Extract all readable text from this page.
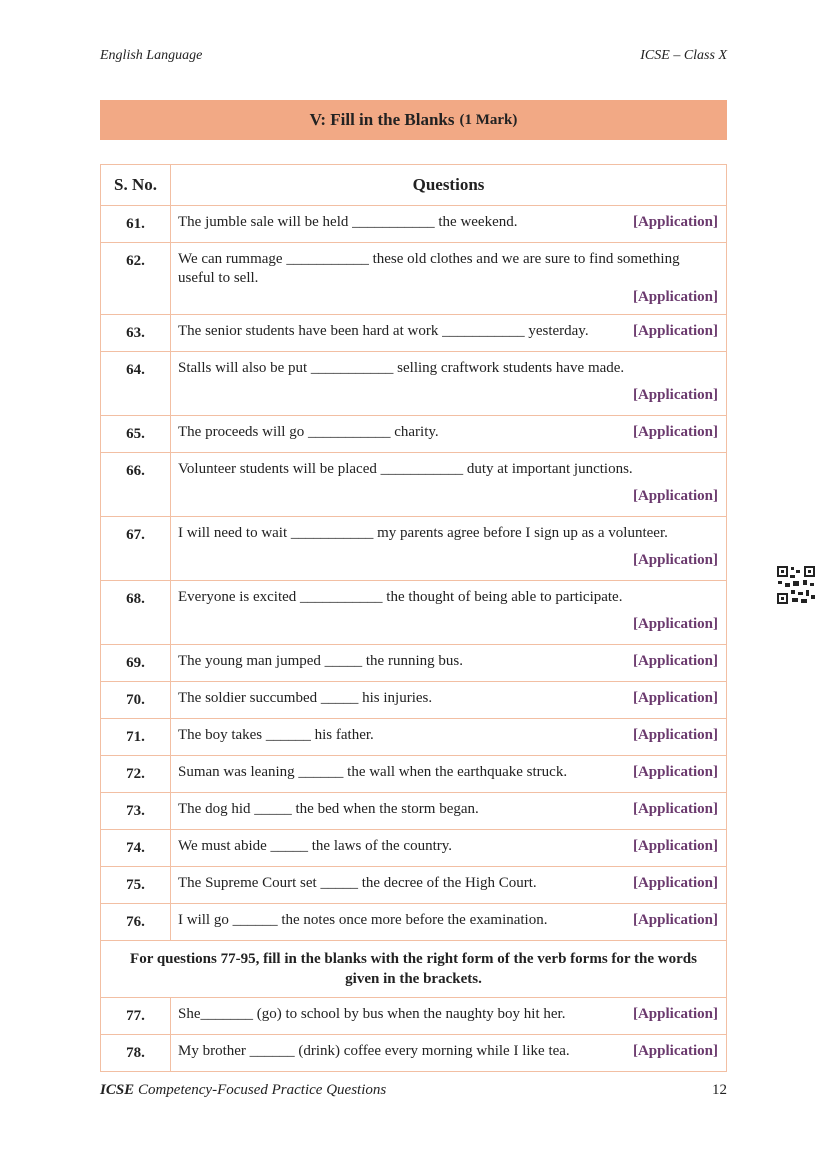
English Language	ICSE – Class X
V: Fill in the Blanks (1 Mark)
S. No.	Questions
61.	The jumble sale will be held ___________ the weekend. [Application]

62.	We can rummage ___________ these old clothes and we are sure to find something useful to sell.
[Application]

63.	The senior students have been hard at work ___________ yesterday. [Application]

64.	Stalls will also be put ___________ selling craftwork students have made.
[Application]

65.	The proceeds will go ___________ charity. [Application]

66.	Volunteer students will be placed ___________ duty at important junctions.
[Application]

67.	I will need to wait ___________ my parents agree before I sign up as a volunteer.
[Application]

68.	Everyone is excited ___________ the thought of being able to participate.
[Application]

69.	The young man jumped _____ the running bus. [Application]

70.	The soldier succumbed _____ his injuries. [Application]

71.	The boy takes ______ his father. [Application]

72.	Suman was leaning ______ the wall when the earthquake struck. [Application]

73.	The dog hid _____ the bed when the storm began. [Application]

74.	We must abide _____ the laws of the country. [Application]

75.	The Supreme Court set _____ the decree of the High Court. [Application]

76.	I will go ______ the notes once more before the examination. [Application]

For questions 77-95, fill in the blanks with the right form of the verb forms for the words given in the brackets.	
77.	She_______ (go) to school by bus when the naughty boy hit her. [Application]

78.	My brother ______ (drink) coffee every morning while I like tea. [Application]
ICSE Competency-Focused Practice Questions	12
